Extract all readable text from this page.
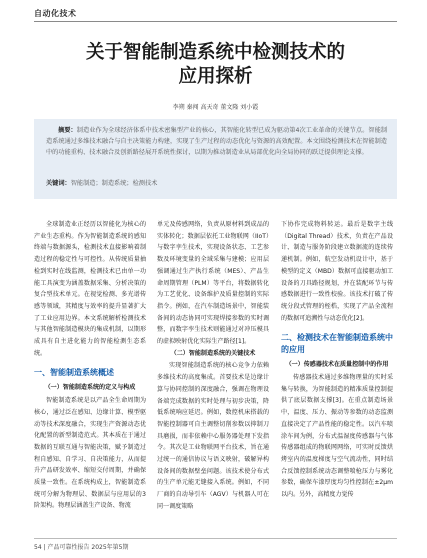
自动化技术
关于智能制造系统中检测技术的
应用探析
李朔 秦闯 高天奇 董文隆 刘小霞
摘要：制造业作为全球经济体系中技术密集型产业的核心，其智能化转型已成为驱动第4次工业革命的关键节点。智能制造系统通过多维技术融合与自主决策能力构建，实现了生产过程的动态优化与资源的高效配置。本文围绕检测技术在智能制造中的功能重构、技术融合及创新路径展开系统性探讨，以期为推动制造业从局部优化向全局协同的跃迁提供理论支撑。
关键词：智能制造；制造系统；检测技术

全球制造业正经历以智能化为核心的产业生态重构。作为智能制造系统的感知终端与数据源头，检测技术直接影响着制造过程的稳定性与可控性。从传统质量抽检到实时在线监测，检测技术已由单一功能工具演变为涵盖数据采集、分析决策的复合型技术单元。在视觉检测、多光谱传感等领域，其精度与效率的提升显著扩大了工业应用边界。本文系统解析检测技术与其他智能制造模块的集成机制，以期形成具有自主进化能力的智能检测生态系统。

一、智能制造系统概述
（一）智能制造系统的定义与构成

智能制造系统是以产品全生命周期为核心，通过泛在感知、边缘计算、模型驱动等技术深度融合，实现生产资源动态优化配置的新型制造范式。其本质在于通过数据的互联互通与智能决策，赋予制造过程自感知、自学习、自决策能力，从而提升产品研发效率、缩短交付周期，并确保质量一致性。在系统构成上，智能制造系统可分解为物理层、数据层与应用层的3阶架构。物理层涵盖生产设备、物流

单元及传感网络，负责从原材料到成品的实体转化；数据层依托工业物联网（IIoT）与数字孪生技术，实现设备状态、工艺参数及环境变量的全域采集与建模；应用层强调通过生产执行系统（MES）、产品生命周期管理（PLM）等平台，将数据转化为工艺优化、设备维护及质量控制的实际指令。例如，在汽车制造场景中，智能装备间的动态协同可实现焊接参数的实时调整，而数字孪生技术则能通过对冲压模具的虚拟映射优化实际生产路径[1]。

（二）智能制造系统的关键技术

实现智能制造系统的核心竞争力依赖多维技术的高度集成。首要技术是边缘计算与协同控制的深度融合，强调在物理设备端完成数据的实时处理与初步决策，降低系统响应延迟。例如，数控机床搭载的智能控制器可自主调整切削参数以抑制刀具磨损，而非依赖中心服务器处理下发指令。其次是工业物联网平台技术，旨在通过统一的通信协议与语义映射，破解异构设备间的数据壁垒问题。该技术使分布式的生产单元能无缝接入系统。例如，不同厂商的自动导引车（AGV）与机器人可在同一调度策略

下协作完成物料转运。最后是数字主线（Digital Thread）技术，负责在产品设计、制造与服务阶段建立数据流的连续传递机制。例如，航空发动机设计中，基于模型的定义（MBD）数据可直接驱动加工设备的刀具路径规划，并在装配环节与传感数据进行一致性校验。该技术打破了传统分段式管理的桎梏，实现了产品全流程的数据可追溯性与动态优化[2]。

二、检测技术在智能制造系统中的应用
（一）传感器技术在质量控制中的作用

传感器技术通过多维物理量的实时采集与转换，为智能制造的精准质量控制提供了底层数据支撑[3]。在重点制造场景中，温度、压力、振动等参数的动态监测直接决定了产品性能的稳定性。以汽车喷涂车间为例，分布式温湿度传感器与气体传感器组成的物联网网络，可实时反馈烘烤室内的温度梯度与空气流动性，同时结合反馈控制系统动态调整喷枪压力与雾化参数，确保车漆厚度均匀性控制在±2μm以内。另外，高精度力觉传

54 | 产品可靠性报告 2025年第5期
